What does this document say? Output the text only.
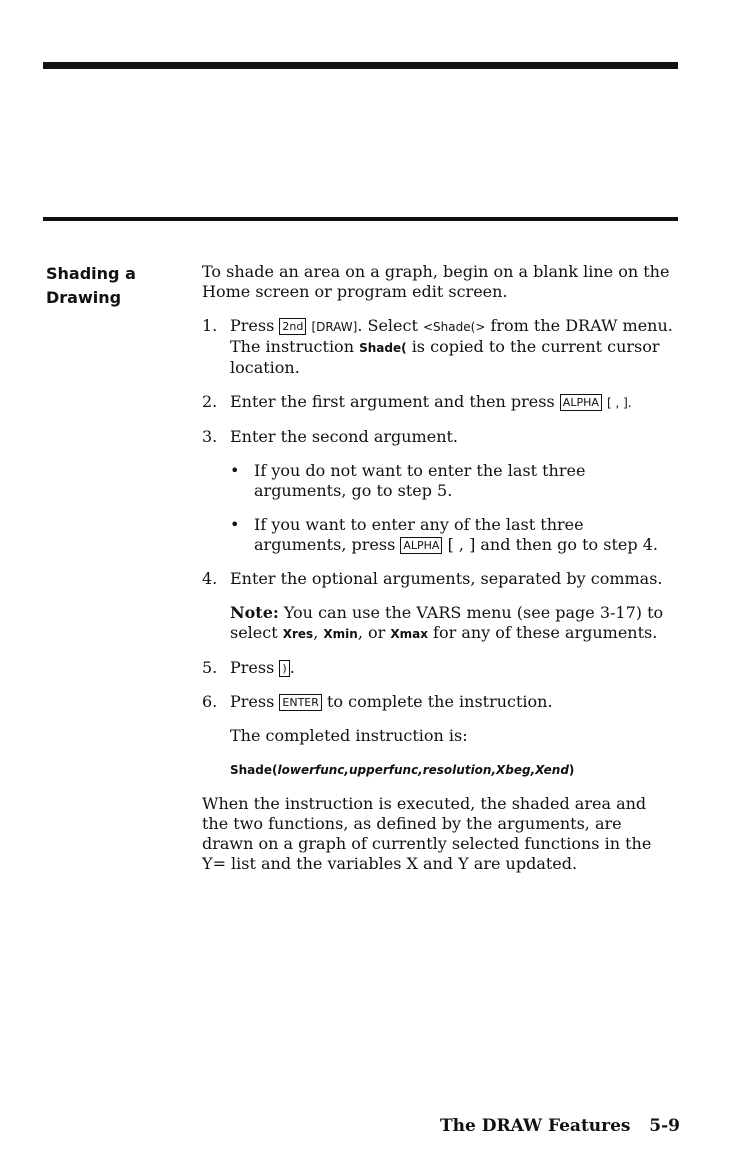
Shading a Drawing

To shade an area on a graph, begin on a blank line on the Home screen or program edit screen.

1. Press 2nd [DRAW]. Select <Shade(> from the DRAW menu. The instruction Shade( is copied to the current cursor location.
2. Enter the first argument and then press ALPHA [ , ].
3. Enter the second argument.
• If you do not want to enter the last three arguments, go to step 5.
• If you want to enter any of the last three arguments, press ALPHA [ , ] and then go to step 4.
4. Enter the optional arguments, separated by commas.
Note: You can use the VARS menu (see page 3-17) to select Xres, Xmin, or Xmax for any of these arguments.
5. Press ) .
6. Press ENTER to complete the instruction.

The completed instruction is:

Shade(lowerfunc,upperfunc,resolution,Xbeg,Xend)

When the instruction is executed, the shaded area and the two functions, as defined by the arguments, are drawn on a graph of currently selected functions in the Y= list and the variables X and Y are updated.

The DRAW Features 5-9
